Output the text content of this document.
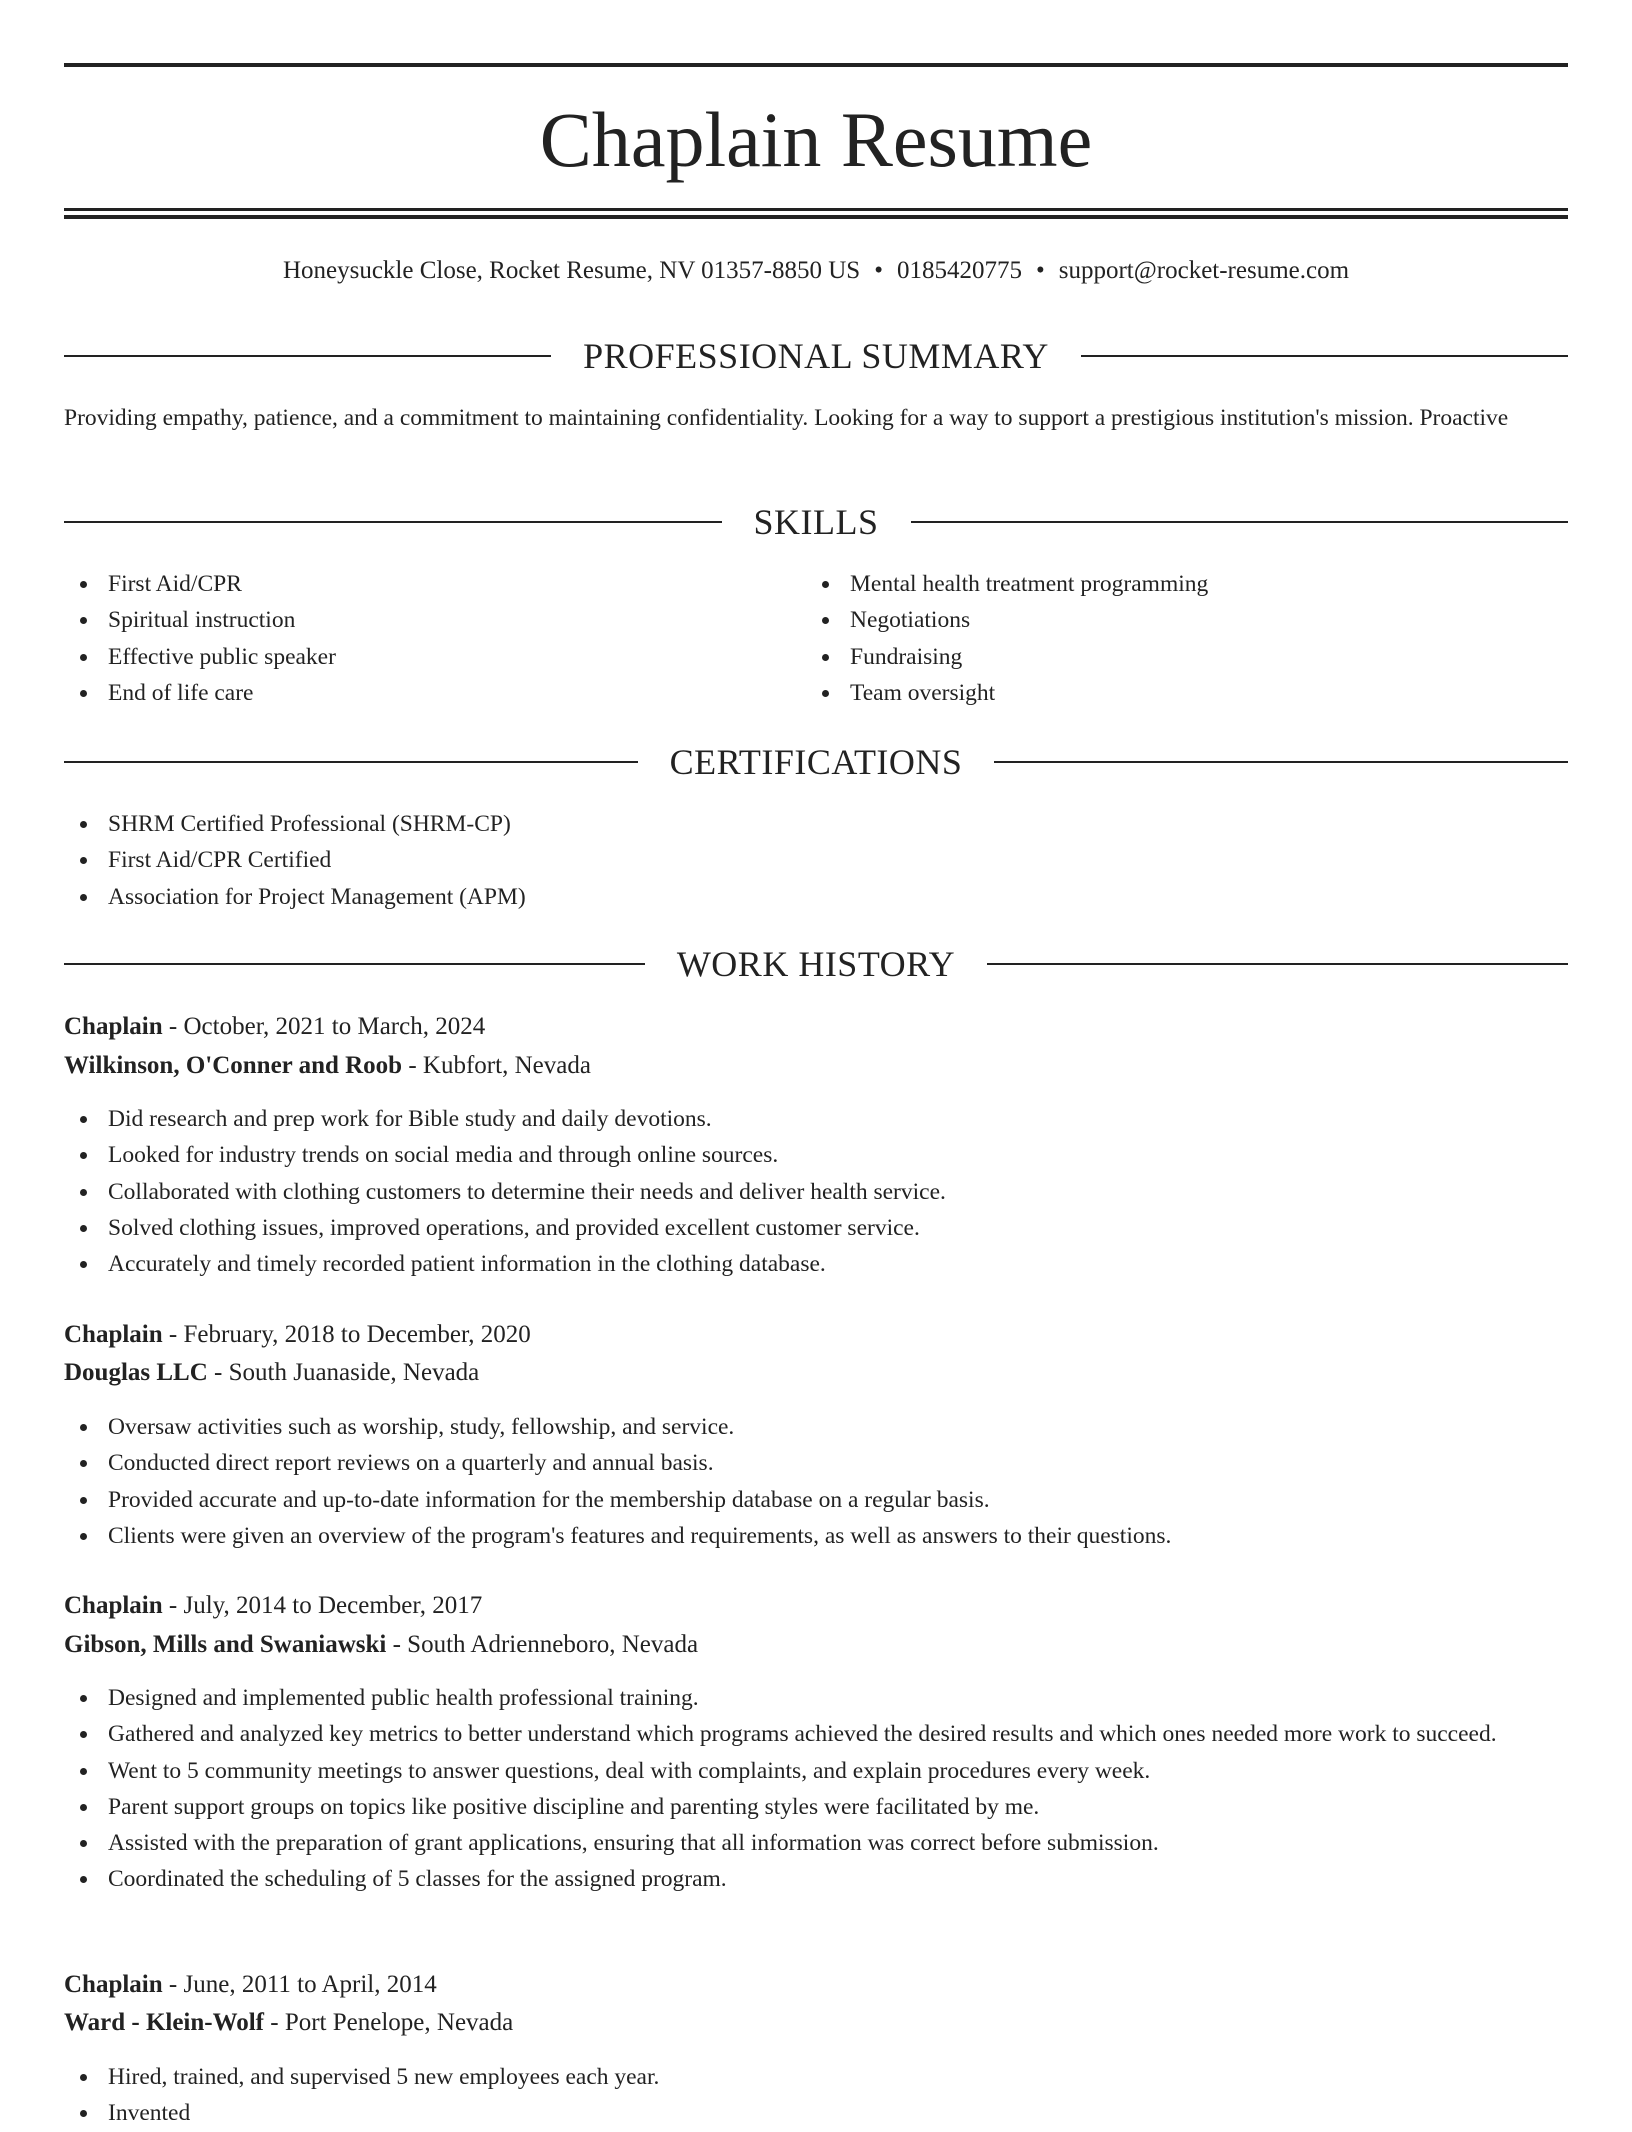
Chaplain Resume
Honeysuckle Close, Rocket Resume, NV 01357-8850 US • 0185420775 • support@rocket-resume.com
PROFESSIONAL SUMMARY

Providing empathy, patience, and a commitment to maintaining confidentiality. Looking for a way to support a prestigious institution's mission. Proactive

SKILLS
First Aid/CPR
Spiritual instruction
Effective public speaker
End of life care
Mental health treatment programming
Negotiations
Fundraising
Team oversight
CERTIFICATIONS
SHRM Certified Professional (SHRM-CP)
First Aid/CPR Certified
Association for Project Management (APM)
WORK HISTORY

Chaplain - October, 2021 to March, 2024

Wilkinson, O'Conner and Roob - Kubfort, Nevada

Did research and prep work for Bible study and daily devotions.
Looked for industry trends on social media and through online sources.
Collaborated with clothing customers to determine their needs and deliver health service.
Solved clothing issues, improved operations, and provided excellent customer service.
Accurately and timely recorded patient information in the clothing database.

Chaplain - February, 2018 to December, 2020

Douglas LLC - South Juanaside, Nevada

Oversaw activities such as worship, study, fellowship, and service.
Conducted direct report reviews on a quarterly and annual basis.
Provided accurate and up-to-date information for the membership database on a regular basis.
Clients were given an overview of the program's features and requirements, as well as answers to their questions.

Chaplain - July, 2014 to December, 2017

Gibson, Mills and Swaniawski - South Adrienneboro, Nevada

Designed and implemented public health professional training.
Gathered and analyzed key metrics to better understand which programs achieved the desired results and which ones needed more work to succeed.
Went to 5 community meetings to answer questions, deal with complaints, and explain procedures every week.
Parent support groups on topics like positive discipline and parenting styles were facilitated by me.
Assisted with the preparation of grant applications, ensuring that all information was correct before submission.
Coordinated the scheduling of 5 classes for the assigned program.

Chaplain - June, 2011 to April, 2014

Ward - Klein-Wolf - Port Penelope, Nevada

Hired, trained, and supervised 5 new employees each year.
Invented
